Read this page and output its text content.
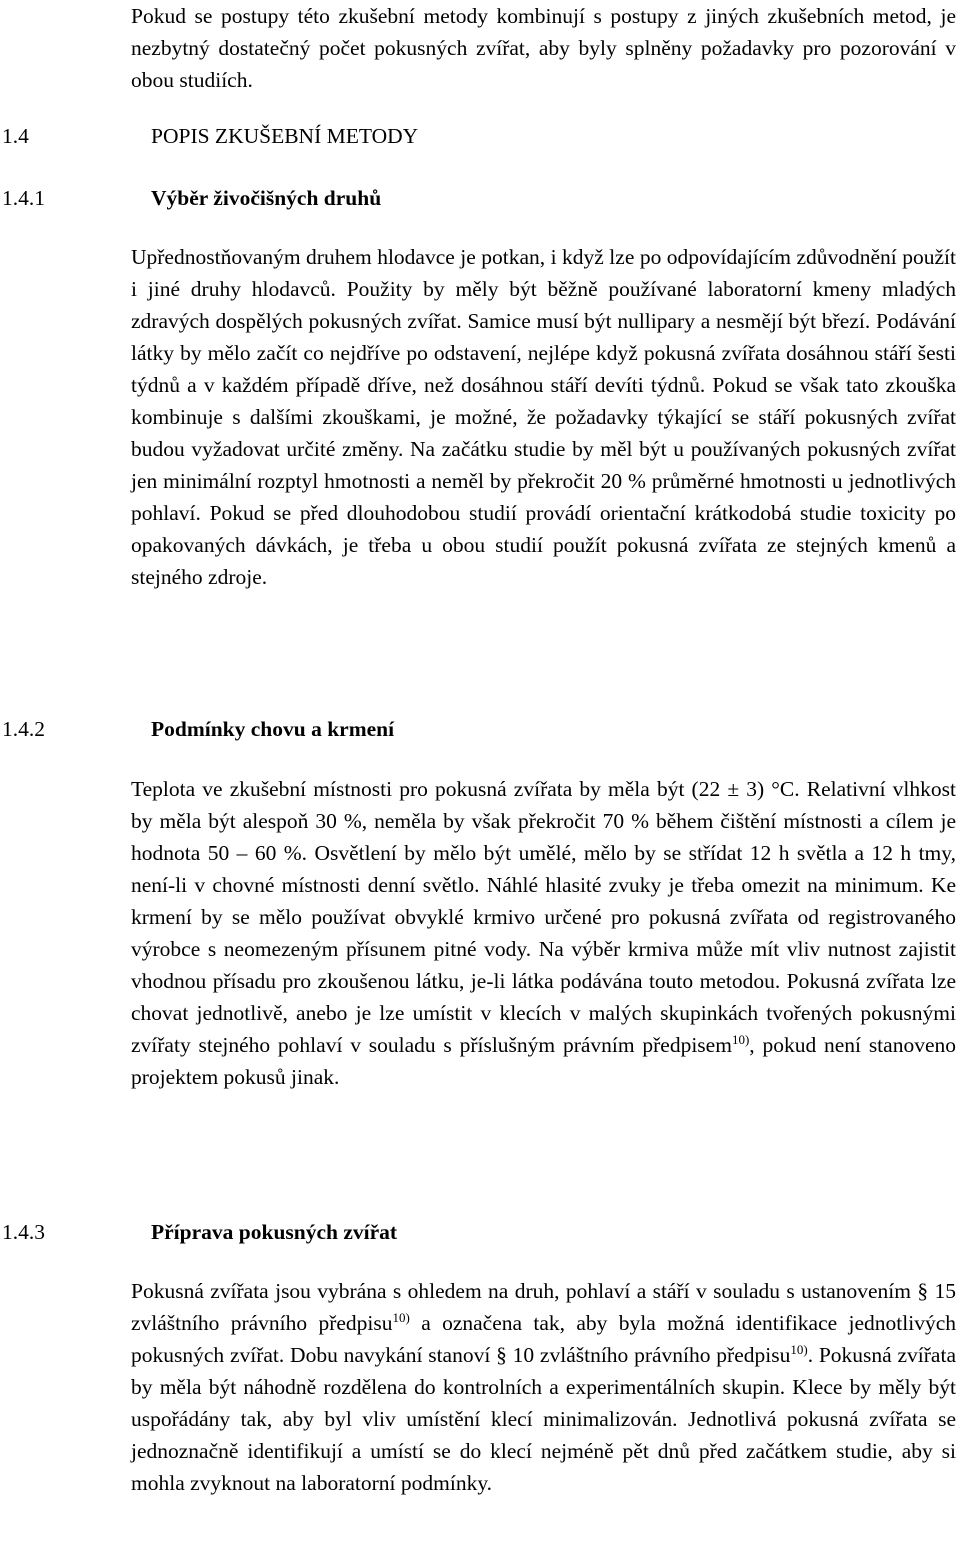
Pokud se postupy této zkušební metody kombinují s postupy z jiných zkušebních metod, je nezbytný dostatečný počet pokusných zvířat, aby byly splněny požadavky pro pozorování v obou studiích.

1.4	POPIS ZKUŠEBNÍ METODY
1.4.1	Výběr živočišných druhů

Upřednostňovaným druhem hlodavce je potkan, i když lze po odpovídajícím zdůvodnění použít i jiné druhy hlodavců. Použity by měly být běžně používané laboratorní kmeny mladých zdravých dospělých pokusných zvířat. Samice musí být nullipary a nesmějí být březí. Podávání látky by mělo začít co nejdříve po odstavení, nejlépe když pokusná zvířata dosáhnou stáří šesti týdnů a v každém případě dříve, než dosáhnou stáří devíti týdnů. Pokud se však tato zkouška kombinuje s dalšími zkouškami, je možné, že požadavky týkající se stáří pokusných zvířat budou vyžadovat určité změny. Na začátku studie by měl být u používaných pokusných zvířat jen minimální rozptyl hmotnosti a neměl by překročit 20 % průměrné hmotnosti u jednotlivých pohlaví. Pokud se před dlouhodobou studií provádí orientační krátkodobá studie toxicity po opakovaných dávkách, je třeba u obou studií použít pokusná zvířata ze stejných kmenů a stejného zdroje.

1.4.2	Podmínky chovu a krmení

Teplota ve zkušební místnosti pro pokusná zvířata by měla být (22 ± 3) °C. Relativní vlhkost by měla být alespoň 30 %, neměla by však překročit 70 % během čištění místnosti a cílem je hodnota 50 – 60 %. Osvětlení by mělo být umělé, mělo by se střídat 12 h světla a 12 h tmy, není-li v chovné místnosti denní světlo. Náhlé hlasité zvuky je třeba omezit na minimum. Ke krmení by se mělo používat obvyklé krmivo určené pro pokusná zvířata od registrovaného výrobce s neomezeným přísunem pitné vody. Na výběr krmiva může mít vliv nutnost zajistit vhodnou přísadu pro zkoušenou látku, je-li látka podávána touto metodou. Pokusná zvířata lze chovat jednotlivě, anebo je lze umístit v klecích v malých skupinkách tvořených pokusnými zvířaty stejného pohlaví v souladu s příslušným právním předpisem$^{10)}$, pokud není stanoveno projektem pokusů jinak.

1.4.3	Příprava pokusných zvířat

Pokusná zvířata jsou vybrána s ohledem na druh, pohlaví a stáří v souladu s ustanovením § 15 zvláštního právního předpisu$^{10)}$ a označena tak, aby byla možná identifikace jednotlivých pokusných zvířat. Dobu navykání stanoví § 10 zvláštního právního předpisu$^{10)}$. Pokusná zvířata by měla být náhodně rozdělena do kontrolních a experimentálních skupin. Klece by měly být uspořádány tak, aby byl vliv umístění klecí minimalizován. Jednotlivá pokusná zvířata se jednoznačně identifikují a umístí se do klecí nejméně pět dnů před začátkem studie, aby si mohla zvyknout na laboratorní podmínky.
